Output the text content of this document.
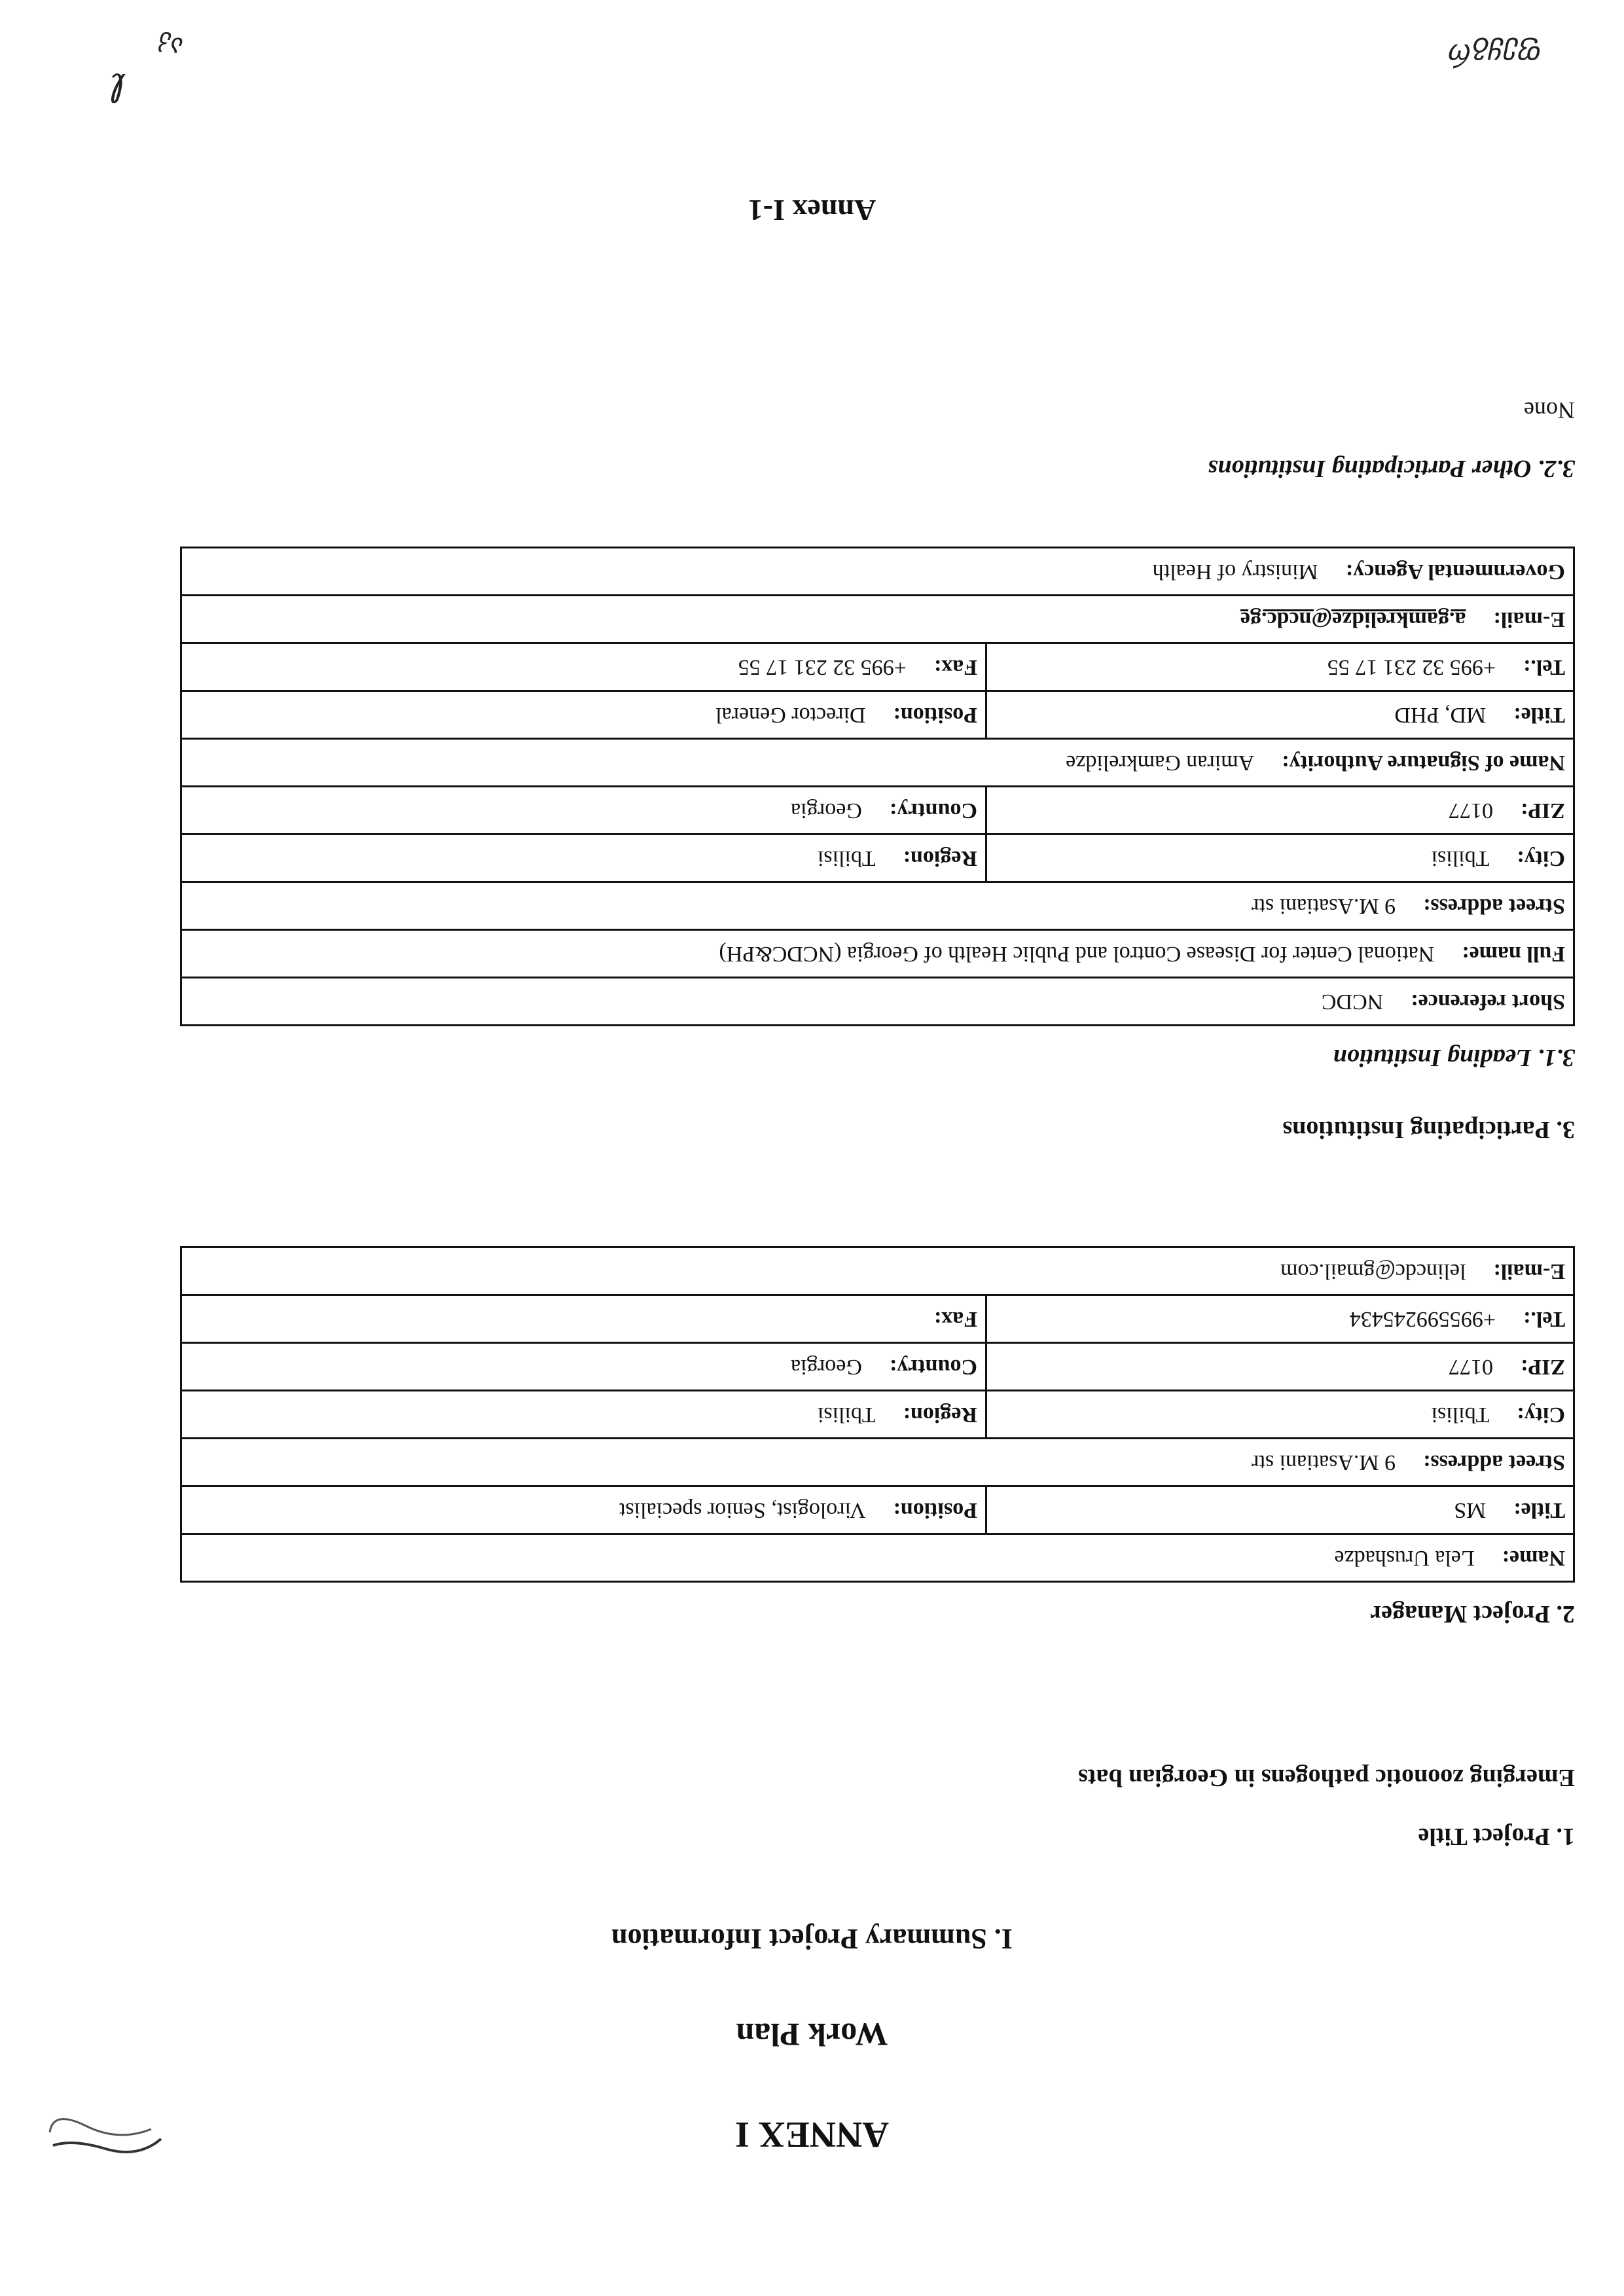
აკ
ℓ
ფეყგრ
Annex I-1
ANNEX I
Work Plan
I. Summary Project Information
1. Project Title
Emerging zoonotic pathogens in Georgian bats
2. Project Manager
Name:Lela Urushadze	
Title:MS	Position:Virologist, Senior specialist
Street address:9 M.Asatiani str	
City:Tbilisi	Region:Tbilisi
ZIP:0177	Country:Georgia
Tel.:+995599245434	Fax:
E-mail:lelincdc@gmail.com	
3. Participating Institutions
3.1. Leading Institution
Short reference:NCDC	
Full name:National Center for Disease Control and Public Health of Georgia (NCDC&PH)	
Street address:9 M.Asatiani str	
City:Tbilisi	Region:Tbilisi
ZIP:0177	Country:Georgia
Name of Signature Authority:Amiran Gamkrelidze	
Title:MD, PHD	Position:Director General
Tel.:+995 32 231 17 55	Fax:+995 32 231 17 55
E-mail:a.gamkrelidze@ncdc.ge	
Governmental Agency:Ministry of Health	
3.2. Other Participating Institutions
None
